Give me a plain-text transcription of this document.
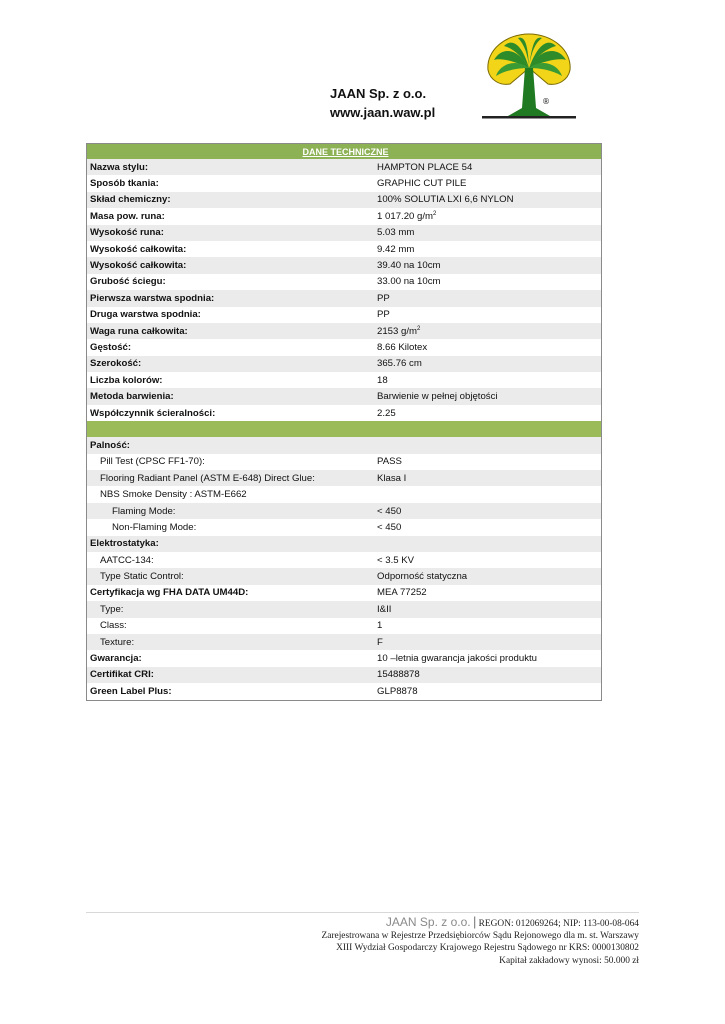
JAAN Sp. z o.o.
www.jaan.waw.pl
®
DANE TECHNICZNE	
Nazwa stylu:	HAMPTON PLACE 54
Sposób tkania:	GRAPHIC CUT PILE
Skład chemiczny:	100% SOLUTIA LXI 6,6 NYLON
Masa pow. runa:	1 017.20 $g/m^2$
Wysokość runa:	5.03 mm
Wysokość całkowita:	9.42 mm
Wysokość całkowita:	39.40 na 10cm
Grubość ściegu:	33.00 na 10cm
Pierwsza warstwa spodnia:	PP
Druga warstwa spodnia:	PP
Waga runa całkowita:	2153 $g/m^2$
Gęstość:	8.66 Kilotex
Szerokość:	365.76 cm
Liczba kolorów:	18
Metoda barwienia:	Barwienie w pełnej objętości
Współczynnik ścieralności:	2.25

Palność:	
Pill Test (CPSC FF1-70):	PASS
Flooring Radiant Panel (ASTM E-648) Direct Glue:	Klasa I
NBS Smoke Density : ASTM-E662	
Flaming Mode:	< 450
Non-Flaming Mode:	< 450
Elektrostatyka:	
AATCC-134:	< 3.5 KV
Type Static Control:	Odporność statyczna
Certyfikacja wg FHA DATA UM44D:	MEA 77252
Type:	I&II
Class:	1
Texture:	F
Gwarancja:	10 –letnia gwarancja jakości produktu
Certifikat CRI:	15488878
Green Label Plus:	GLP8878
JAAN Sp. z o.o. | REGON: 012069264; NIP: 113-00-08-064
Zarejestrowana w Rejestrze Przedsiębiorców Sądu Rejonowego dla m. st. Warszawy
XIII Wydział Gospodarczy Krajowego Rejestru Sądowego nr KRS: 0000130802
Kapitał zakładowy wynosi: 50.000 zł
